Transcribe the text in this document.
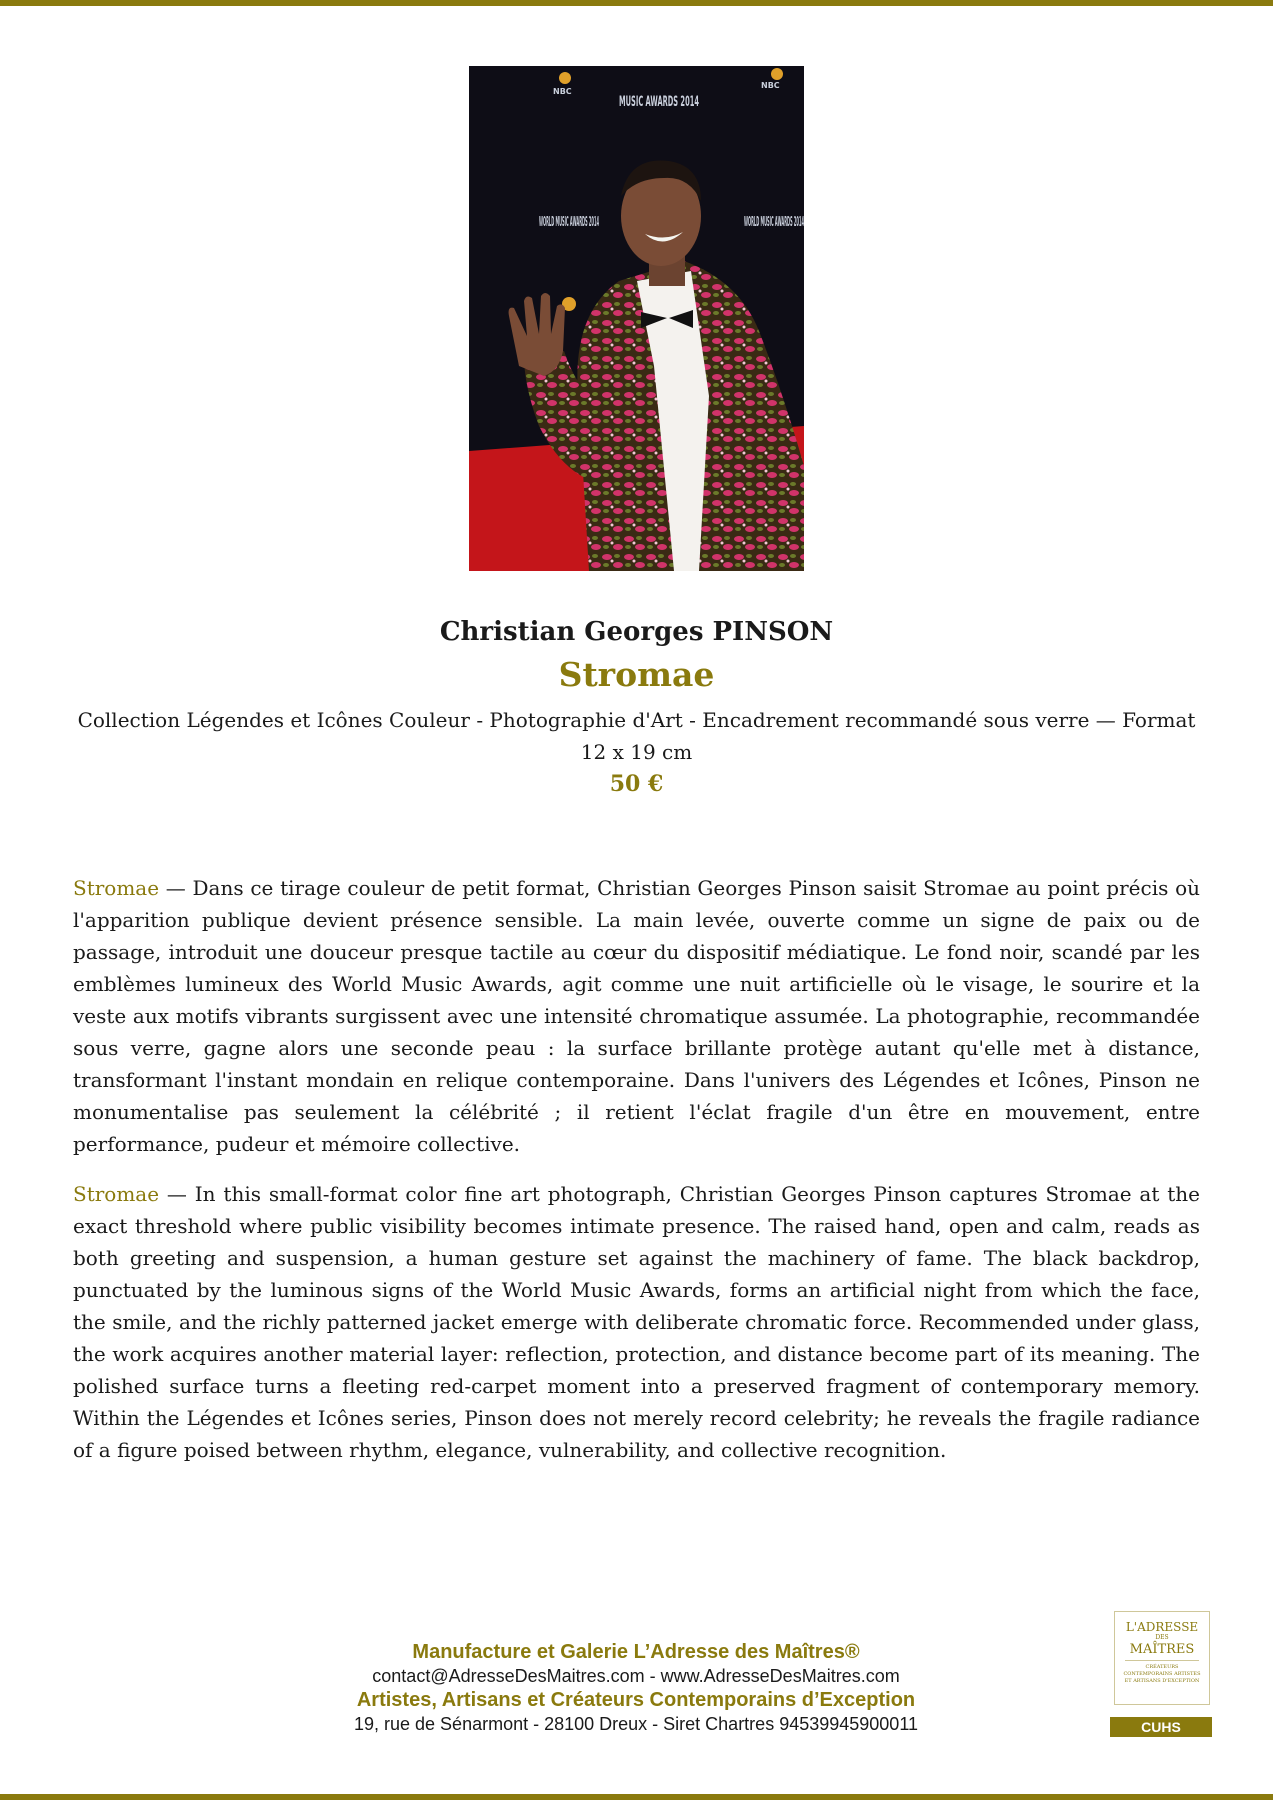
NBC
MUSIC AWARDS 2014
NBC
WORLD MUSIC AWARDS 2014	WORLD MUSIC AWARDS 2014
Christian Georges PINSON
Stromae
Collection Légendes et Icônes Couleur - Photographie d'Art - Encadrement recommandé sous verre — Format 12 x 19 cm
50 €

Stromae — Dans ce tirage couleur de petit format, Christian Georges Pinson saisit Stromae au point précis où l'apparition publique devient présence sensible. La main levée, ouverte comme un signe de paix ou de passage, introduit une douceur presque tactile au cœur du dispositif médiatique. Le fond noir, scandé par les emblèmes lumineux des World Music Awards, agit comme une nuit artificielle où le visage, le sourire et la veste aux motifs vibrants surgissent avec une intensité chromatique assumée. La photographie, recommandée sous verre, gagne alors une seconde peau : la surface brillante protège autant qu'elle met à distance, transformant l'instant mondain en relique contemporaine. Dans l'univers des Légendes et Icônes, Pinson ne monumentalise pas seulement la célébrité ; il retient l'éclat fragile d'un être en mouvement, entre performance, pudeur et mémoire collective.

Stromae — In this small-format color fine art photograph, Christian Georges Pinson captures Stromae at the exact threshold where public visibility becomes intimate presence. The raised hand, open and calm, reads as both greeting and suspension, a human gesture set against the machinery of fame. The black backdrop, punctuated by the luminous signs of the World Music Awards, forms an artificial night from which the face, the smile, and the richly patterned jacket emerge with deliberate chromatic force. Recommended under glass, the work acquires another material layer: reflection, protection, and distance become part of its meaning. The polished surface turns a fleeting red-carpet moment into a preserved fragment of contemporary memory. Within the Légendes et Icônes series, Pinson does not merely record celebrity; he reveals the fragile radiance of a figure poised between rhythm, elegance, vulnerability, and collective recognition.

Manufacture et Galerie L’Adresse des Maîtres®
contact@AdresseDesMaitres.com - www.AdresseDesMaitres.com
Artistes, Artisans et Créateurs Contemporains d’Exception
19, rue de Sénarmont - 28100 Dreux - Siret Chartres 94539945900011
L'ADRESSE
DES
MAÎTRES
CRÉATEURS CONTEMPORAINS ARTISTES ET ARTISANS D'EXCEPTION
CUHS
